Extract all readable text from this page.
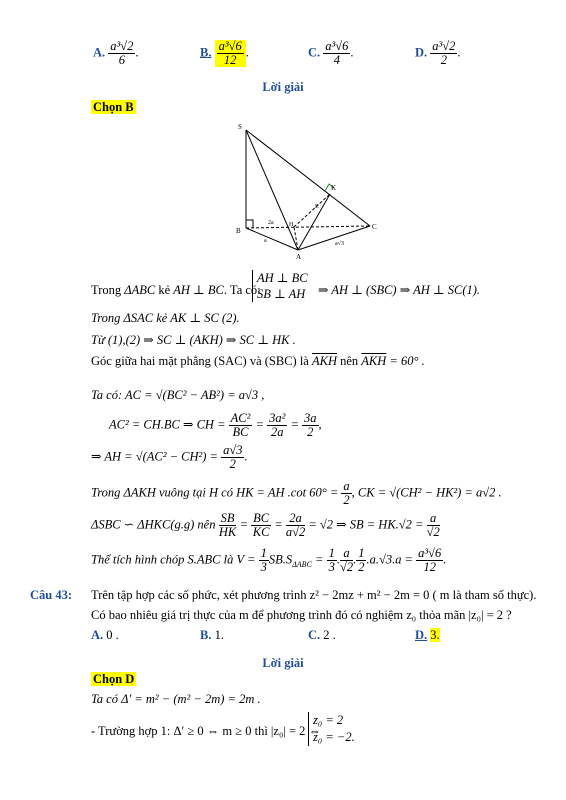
A. $\frac{\text{a³√2}}{6}$ .	B. $\frac{\text{a³√6}}{12}$ .	C. $\frac{\text{a³√6}}{4}$ .	D. $\frac{\text{a³√2}}{2}$ .
Lời giải
Chọn B
S
B
A
C
K
H
E
2a
a	a√3
Trong ΔABC kẻ AH ⊥ BC. Ta có:
AH ⊥ BC
SB ⊥ AH ⇒ AH ⊥ (SBC) ⇒ AH ⊥ SC(1).
Trong ΔSAC kẻ AK ⊥ SC (2).
Từ (1),(2) ⇒ SC ⊥ (AKH) ⇒ SC ⊥ HK .
Góc giữa hai mặt phẳng (SAC) và (SBC) là $\overline{AKH}$ nên $\overline{AKH} = 60^\circ$ .
Ta có: AC = √(BC² − AB²) = a√3 ,
AC² = CH.BC ⇒ CH = $\frac{\text{AC²}}{BC} = \frac{\text{3a²}}{2a} = \frac{3a}{2}$ ,
⇒ AH = $√(AC^2 - CH^2) = \frac{a√3}{2}$ .
Trong ΔAKH vuông tại H có HK = AH .cot $60^\circ = \frac{a}{2}$ , CK = √(CH² − HK²) = a√2 .
ΔSBC ∽ ΔHKC(g.g) nên $\frac{SB}{HK} = \frac{BC}{KC} = \frac{2a}{a√2} = √2$ ⇒ SB = $HK.√2 = \frac{a}{√2}$
Thể tích hình chóp S.ABC là $V = \frac{1}{3} SB.S_{\Delta ABC} = \frac{1}{3}$ . $\frac{a}{√2}$ . $\frac{1}{2} .a.√3.a = \frac{\text{a³√6}}{12}$ .
Câu 43: Trên tập hợp các số phức, xét phương trình z² − 2mz + m² − 2m = 0 ( m là tham số thực).
Có bao nhiêu giá trị thực của m để phương trình đó có nghiệm z₀ thỏa mãn |z₀| = 2 ?
A. 0 .	B. 1.	C. 2 .	D. 3.
Lời giải
Chọn D
Ta có Δ′ = m² − (m² − 2m) = 2m .
- Trường hợp 1: Δ′ ≥ 0 ⇔ m ≥ 0 thì |z₀| = 2 ⇔
z₀ = 2
z₀ = −2.
